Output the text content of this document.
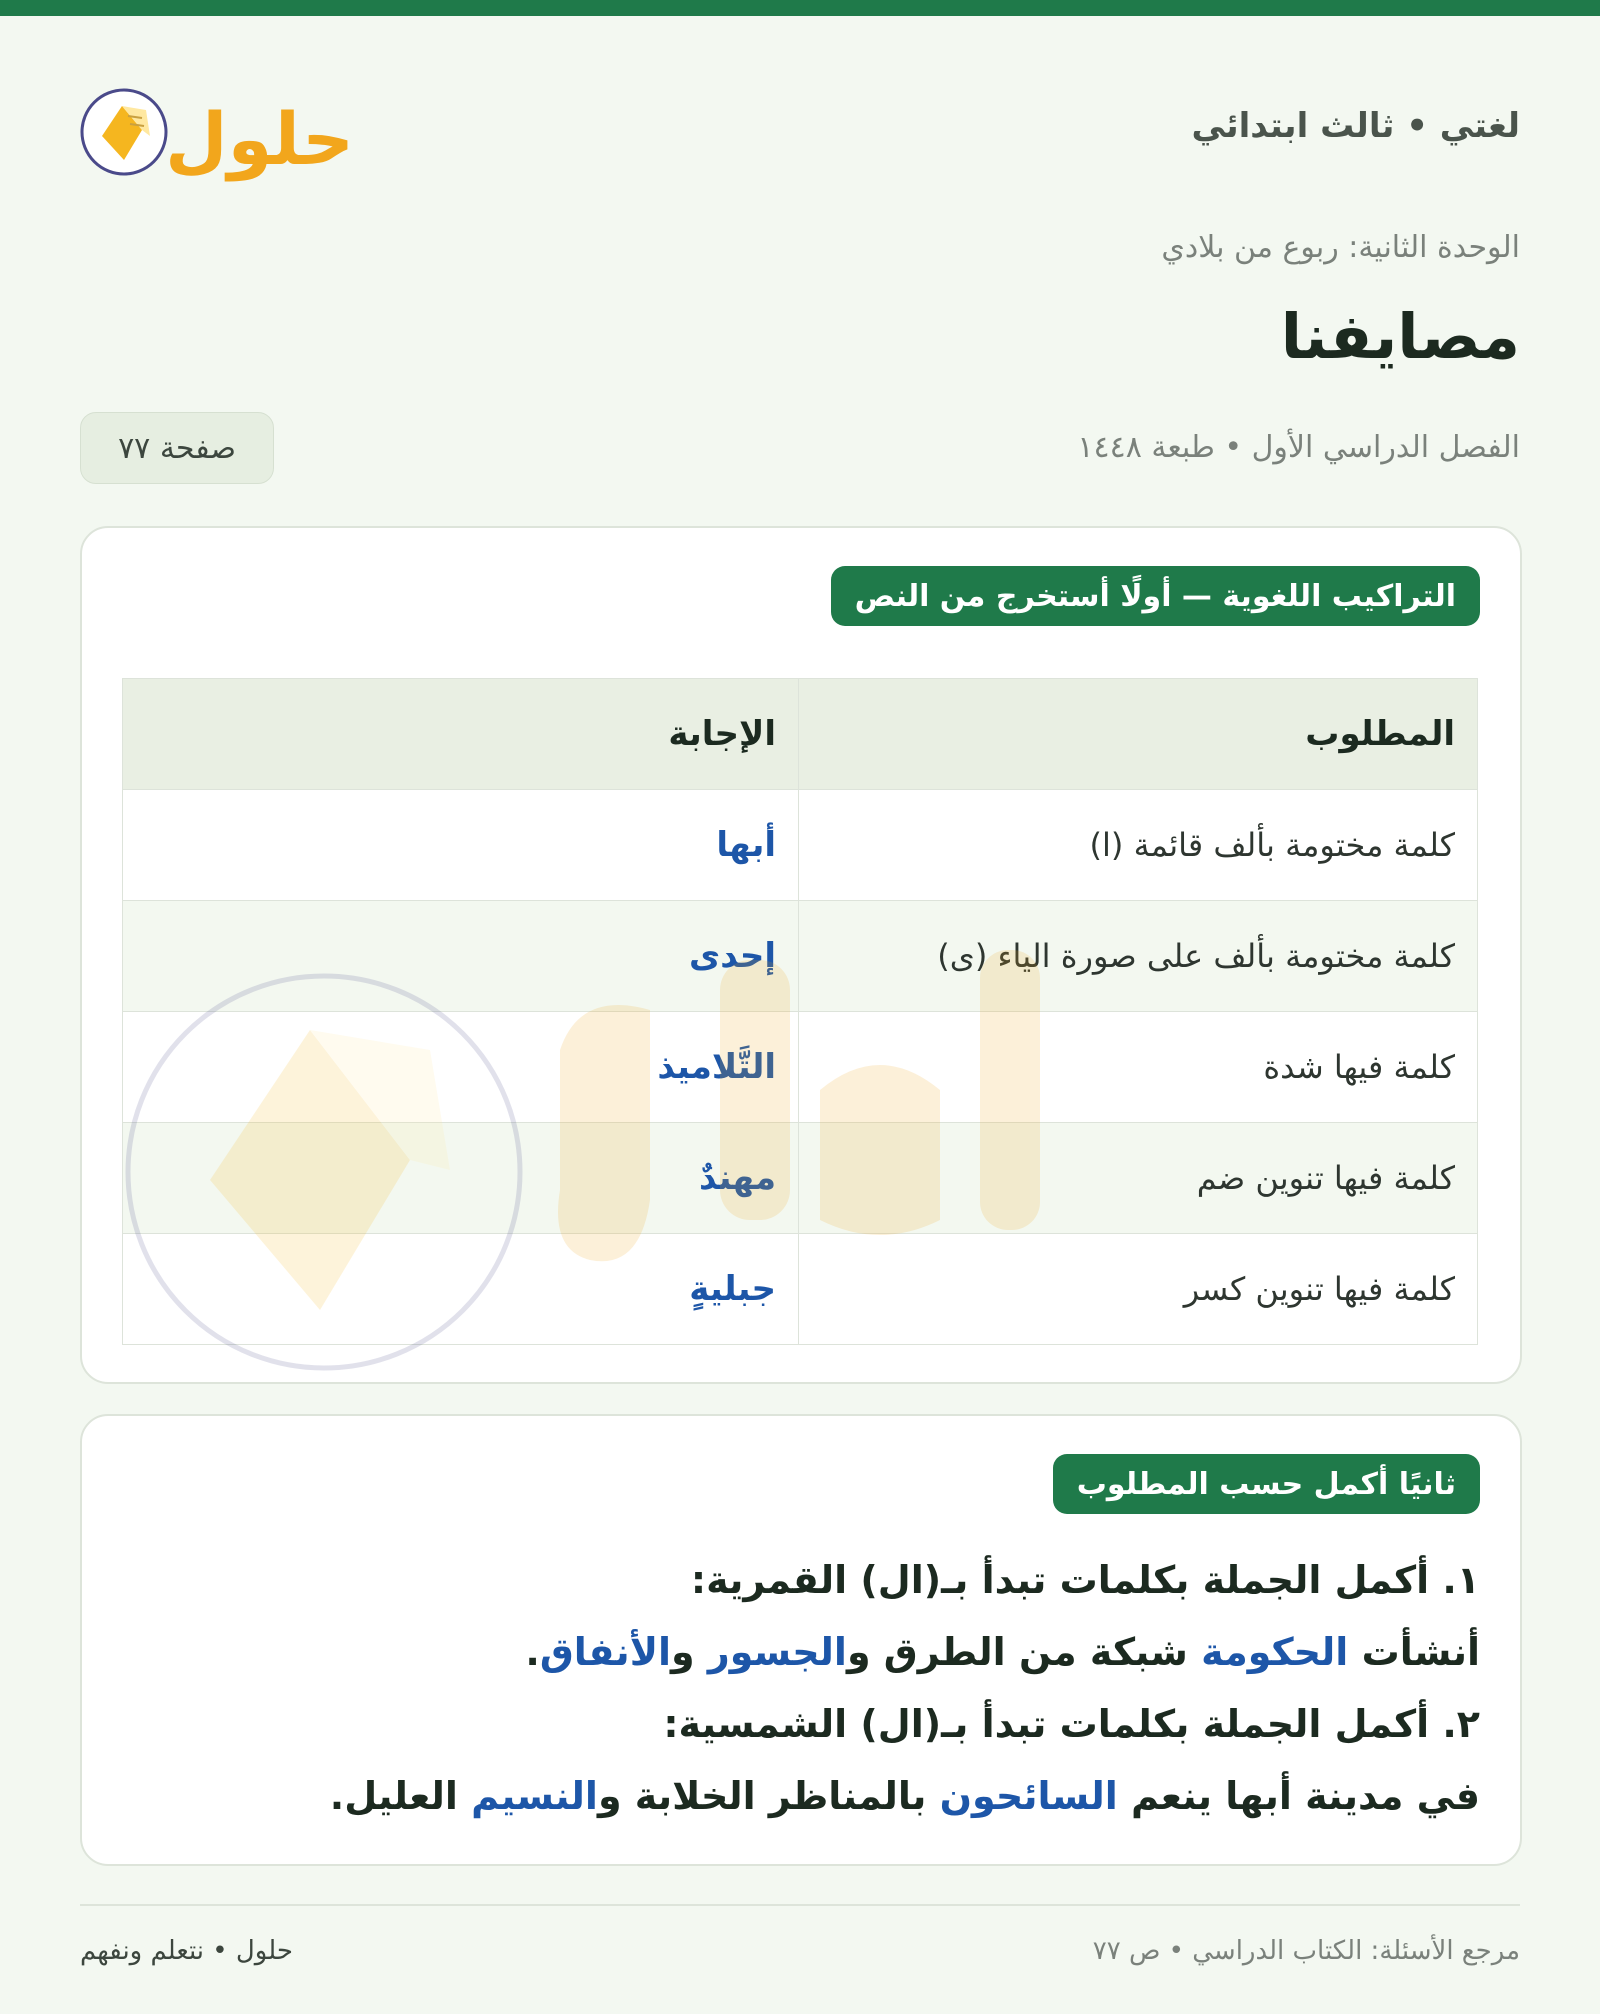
لغتي • ثالث ابتدائي
حلول
الوحدة الثانية: ربوع من بلادي
مصايفنا
الفصل الدراسي الأول • طبعة ١٤٤٨
صفحة ٧٧
التراكيب اللغوية — أولًا أستخرج من النص
المطلوب	الإجابة
كلمة مختومة بألف قائمة (ا)	أبها
كلمة مختومة بألف على صورة الياء (ى)	إحدى
كلمة فيها شدة	التَّلاميذ
كلمة فيها تنوين ضم	مهندٌ
كلمة فيها تنوين كسر	جبليةٍ
ثانيًا أكمل حسب المطلوب
١. أكمل الجملة بكلمات تبدأ بـ(ال) القمرية:
أنشأت الحكومة شبكة من الطرق والجسور والأنفاق.
٢. أكمل الجملة بكلمات تبدأ بـ(ال) الشمسية:
في مدينة أبها ينعم السائحون بالمناظر الخلابة والنسيم العليل.
مرجع الأسئلة: الكتاب الدراسي • ص ٧٧
حلول • نتعلم ونفهم
